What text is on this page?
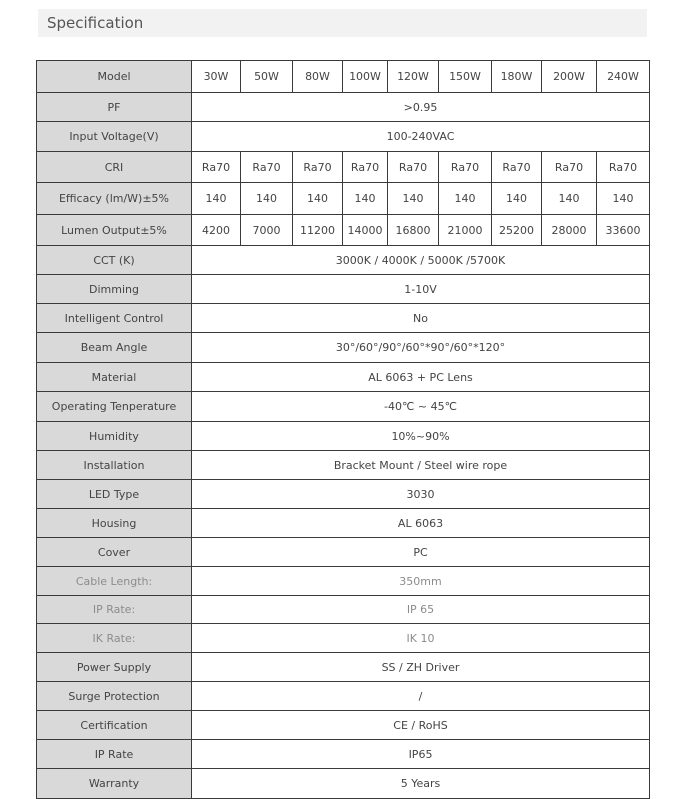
Specification
Model	30W	50W	80W	100W	120W	150W	180W	200W	240W
PF	>0.95								
Input Voltage(V)	100-240VAC								
CRI	Ra70	Ra70	Ra70	Ra70	Ra70	Ra70	Ra70	Ra70	Ra70
Efficacy (lm/W)±5%	140	140	140	140	140	140	140	140	140
Lumen Output±5%	4200	7000	11200	14000	16800	21000	25200	28000	33600
CCT (K)	3000K / 4000K / 5000K /5700K								
Dimming	1-10V								
Intelligent Control	No								
Beam Angle	30°/60°/90°/60°*90°/60°*120°								
Material	AL 6063 + PC Lens								
Operating Tenperature	-40℃ ~ 45℃								
Humidity	10%~90%								
Installation	Bracket Mount / Steel wire rope								
LED Type	3030								
Housing	AL 6063								
Cover	PC								
Cable Length:	350mm								
IP Rate:	IP 65								
IK Rate:	IK 10								
Power Supply	SS / ZH Driver								
Surge Protection	/								
Certification	CE / RoHS								
IP Rate	IP65								
Warranty	5 Years								
